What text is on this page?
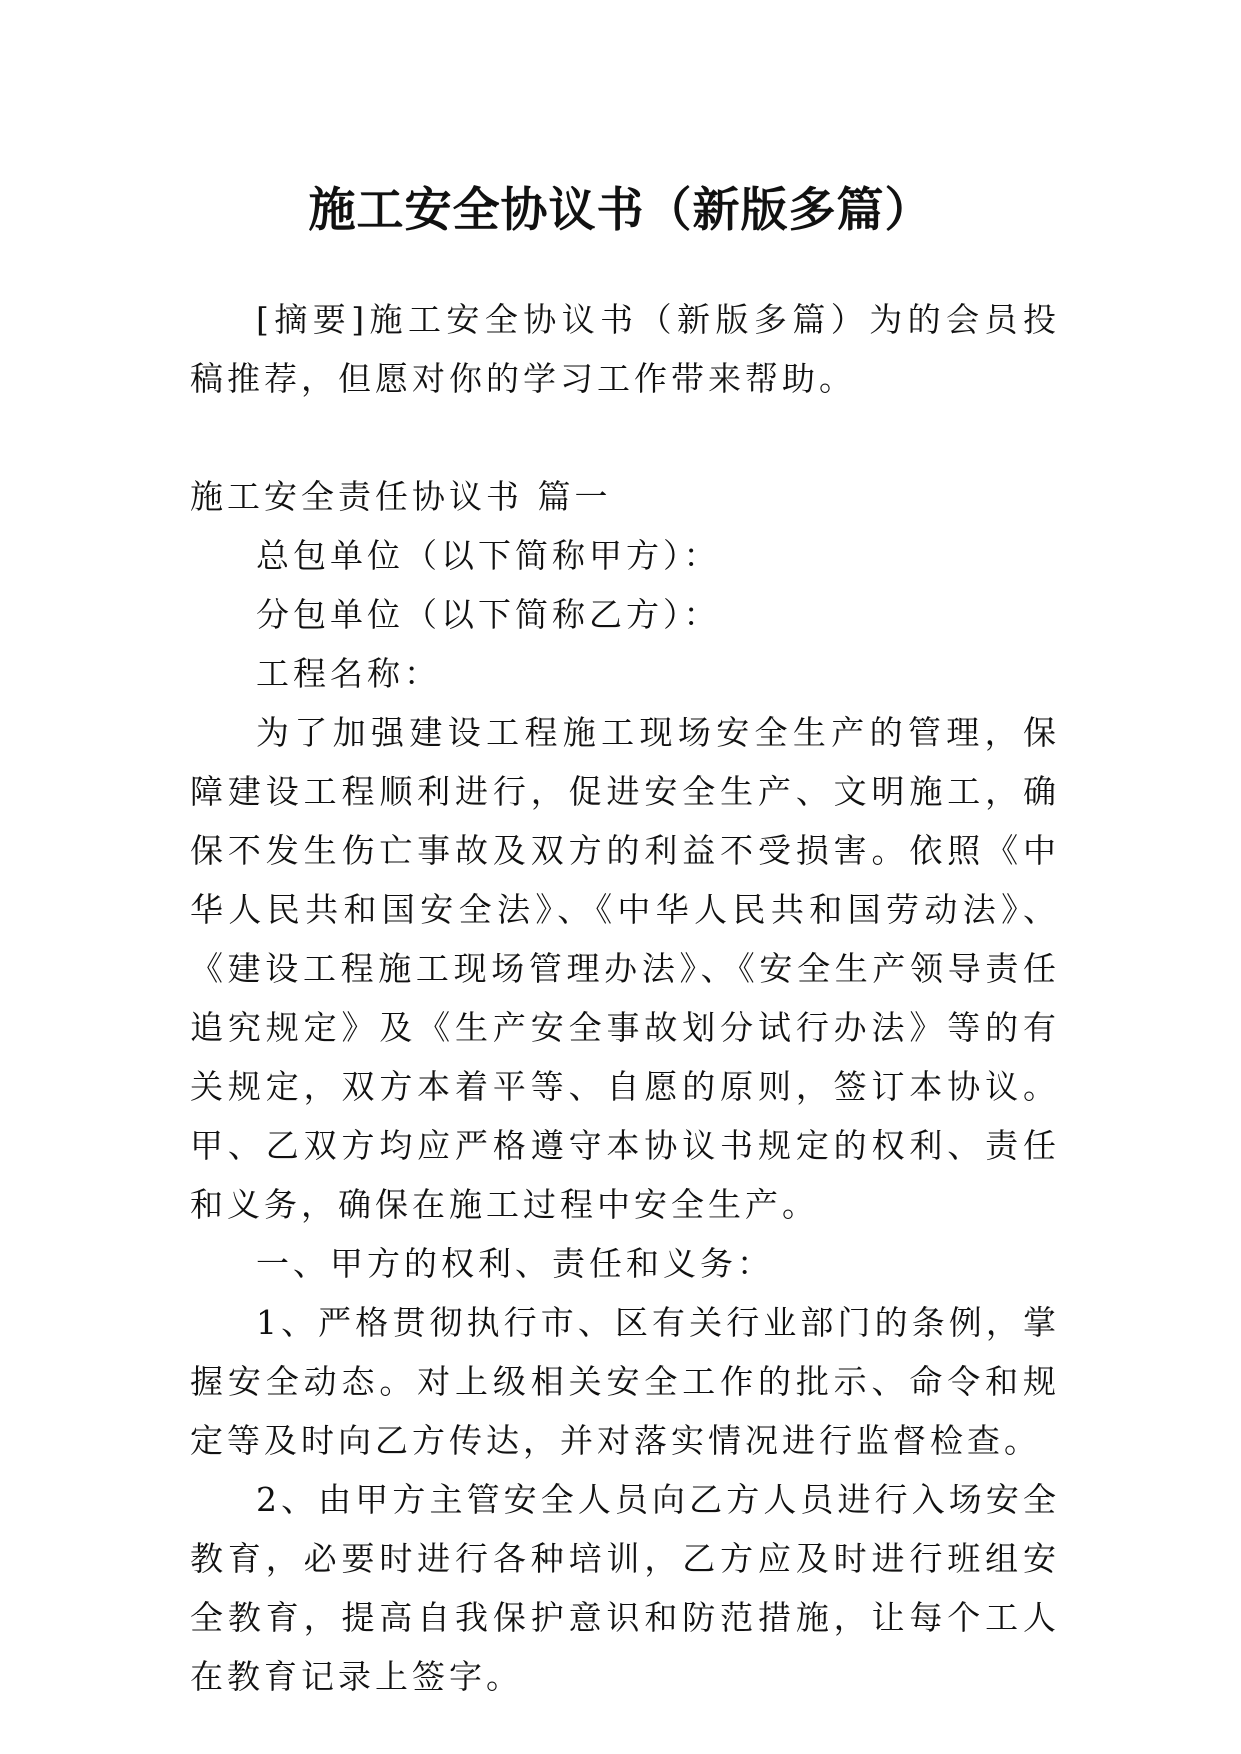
施工安全协议书（新版多篇）

[摘要]施工安全协议书（新版多篇）为的会员投稿推荐，但愿对你的学习工作带来帮助。

施工安全责任协议书 篇一

总包单位（以下简称甲方）：

分包单位（以下简称乙方）：

工程名称：

为了加强建设工程施工现场安全生产的管理，保障建设工程顺利进行，促进安全生产、文明施工，确保不发生伤亡事故及双方的利益不受损害。依照《中华人民共和国安全法》、《中华人民共和国劳动法》、《建设工程施工现场管理办法》、《安全生产领导责任追究规定》及《生产安全事故划分试行办法》等的有关规定，双方本着平等、自愿的原则，签订本协议。甲、乙双方均应严格遵守本协议书规定的权利、责任和义务，确保在施工过程中安全生产。

一、甲方的权利、责任和义务：

1、严格贯彻执行市、区有关行业部门的条例，掌握安全动态。对上级相关安全工作的批示、命令和规定等及时向乙方传达，并对落实情况进行监督检查。

2、由甲方主管安全人员向乙方人员进行入场安全教育，必要时进行各种培训，乙方应及时进行班组安全教育，提高自我保护意识和防范措施，让每个工人在教育记录上签字。
